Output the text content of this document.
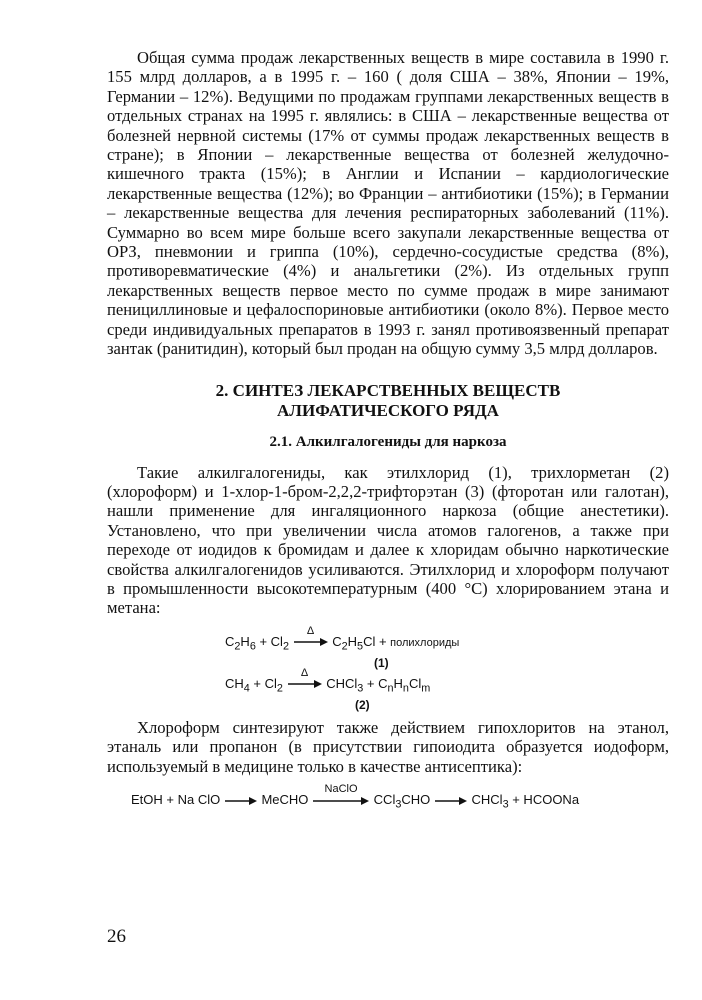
Общая сумма продаж лекарственных веществ в мире составила в 1990 г. 155 млрд долларов, а в 1995 г. – 160 ( доля США – 38%, Японии – 19%, Германии – 12%). Ведущими по продажам группами лекарственных веществ в отдельных странах на 1995 г. являлись: в США – лекарственные вещества от болезней нервной системы (17% от суммы продаж лекарственных веществ в стране); в Японии – лекарственные вещества от болезней желудочно-кишечного тракта (15%); в Англии и Испании – кардиологические лекарственные вещества (12%); во Франции – антибиотики (15%); в Германии – лекарственные вещества для лечения респираторных заболеваний (11%). Суммарно во всем мире больше всего закупали лекарственные вещества от ОРЗ, пневмонии и гриппа (10%), сердечно-сосудистые средства (8%), противоревматические (4%) и анальгетики (2%). Из отдельных групп лекарственных веществ первое место по сумме продаж в мире занимают пенициллиновые и цефалоспориновые антибиотики (около 8%). Первое место среди индивидуальных препаратов в 1993 г. занял противоязвенный препарат зантак (ранитидин), который был продан на общую сумму 3,5 млрд долларов.

2. СИНТЕЗ ЛЕКАРСТВЕННЫХ ВЕЩЕСТВ
АЛИФАТИЧЕСКОГО РЯДА
2.1. Алкилгалогениды для наркоза

Такие алкилгалогениды, как этилхлорид (1), трихлорметан (2) (хлороформ) и 1-хлор-1-бром-2,2,2-трифторэтан (3) (фторотан или галотан), нашли применение для ингаляционного наркоза (общие анестетики). Установлено, что при увеличении числа атомов галогенов, а также при переходе от иодидов к бромидам и далее к хлоридам обычно наркотические свойства алкилгалогенидов усиливаются. Этилхлорид и хлороформ получают в промышленности высокотемпературным (400 °С) хлорированием этана и метана:

$C_2H_6 + Cl_2$
Δ
$C_2H_5Cl$ + полихлориды
(1)
$CH_4 + Cl_2$
Δ
CHCl$_3$ + $C_nH_nCl_m$
(2)

Хлороформ синтезируют также действием гипохлоритов на этанол, этаналь или пропанон (в присутствии гипоиодита образуется иодоформ, используемый в медицине только в качестве антисептика):

EtOH + Na ClO	MeCHO
NaClO
CCl$_3$CHO	CHCl$_3$ + HCOONa
26
